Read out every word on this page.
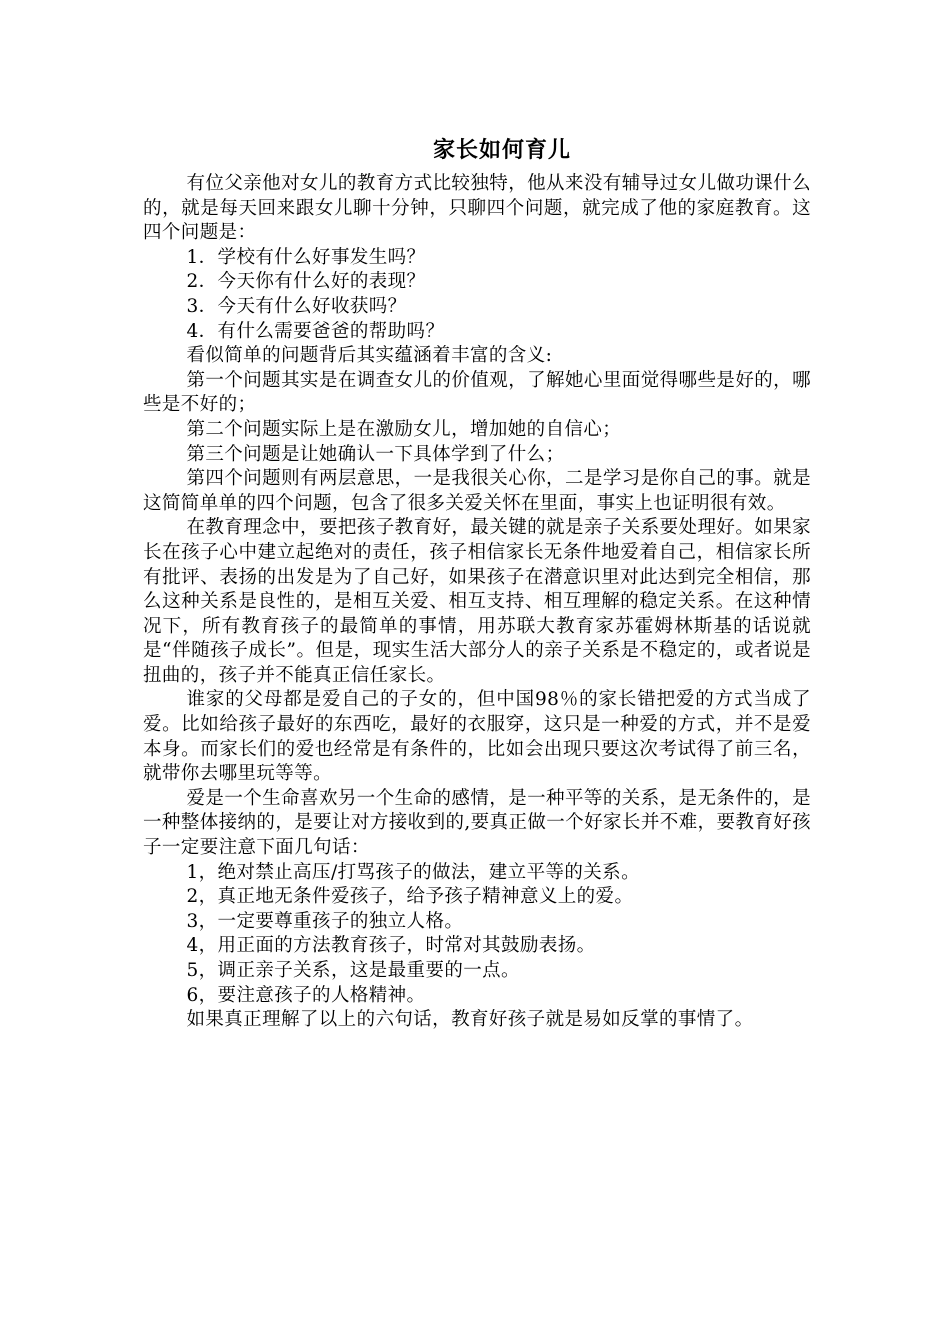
家长如何育儿

有位父亲他对女儿的教育方式比较独特，他从来没有辅导过女儿做功课什么的，就是每天回来跟女儿聊十分钟，只聊四个问题，就完成了他的家庭教育。这四个问题是：

1．学校有什么好事发生吗？

2．今天你有什么好的表现？

3．今天有什么好收获吗？

4．有什么需要爸爸的帮助吗？

看似简单的问题背后其实蕴涵着丰富的含义:

第一个问题其实是在调查女儿的价值观，了解她心里面觉得哪些是好的，哪些是不好的；

第二个问题实际上是在激励女儿，增加她的自信心；

第三个问题是让她确认一下具体学到了什么；

第四个问题则有两层意思，一是我很关心你，二是学习是你自己的事。就是这简简单单的四个问题，包含了很多关爱关怀在里面，事实上也证明很有效。

在教育理念中，要把孩子教育好，最关键的就是亲子关系要处理好。如果家长在孩子心中建立起绝对的责任，孩子相信家长无条件地爱着自己，相信家长所有批评、表扬的出发是为了自己好，如果孩子在潜意识里对此达到完全相信，那么这种关系是良性的，是相互关爱、相互支持、相互理解的稳定关系。在这种情况下，所有教育孩子的最简单的事情，用苏联大教育家苏霍姆林斯基的话说就是“伴随孩子成长”。但是，现实生活大部分人的亲子关系是不稳定的，或者说是扭曲的，孩子并不能真正信任家长。

谁家的父母都是爱自己的子女的，但中国98％的家长错把爱的方式当成了爱。比如给孩子最好的东西吃，最好的衣服穿，这只是一种爱的方式，并不是爱本身。而家长们的爱也经常是有条件的，比如会出现只要这次考试得了前三名，就带你去哪里玩等等。

爱是一个生命喜欢另一个生命的感情，是一种平等的关系，是无条件的，是一种整体接纳的，是要让对方接收到的,要真正做一个好家长并不难，要教育好孩子一定要注意下面几句话：

1，绝对禁止高压/打骂孩子的做法，建立平等的关系。

2，真正地无条件爱孩子，给予孩子精神意义上的爱。

3，一定要尊重孩子的独立人格。

4，用正面的方法教育孩子，时常对其鼓励表扬。

5，调正亲子关系，这是最重要的一点。

6，要注意孩子的人格精神。

如果真正理解了以上的六句话，教育好孩子就是易如反掌的事情了。
